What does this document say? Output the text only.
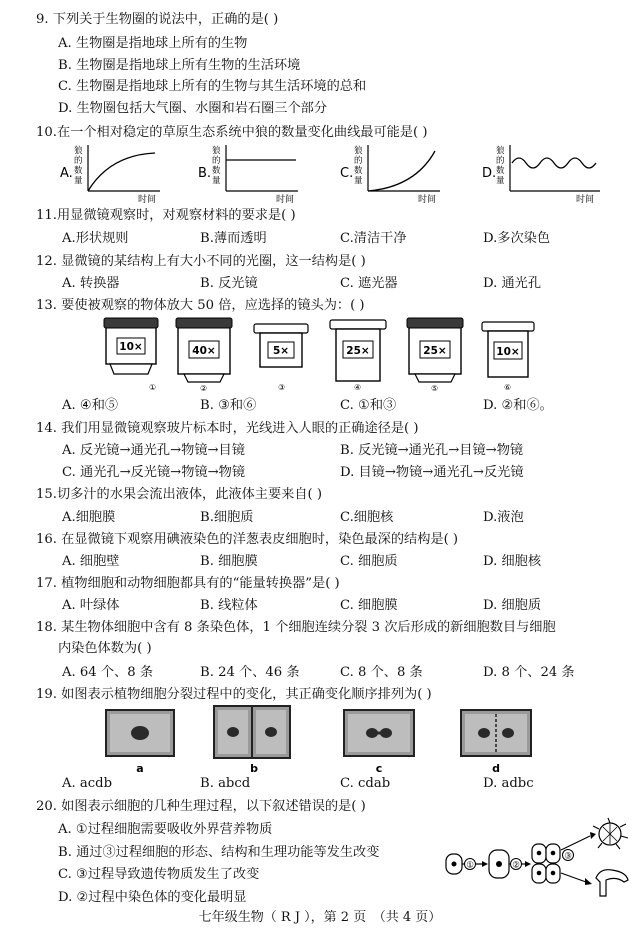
9. 下列关于生物圈的说法中，正确的是( )
A. 生物圈是指地球上所有的生物
B. 生物圈是指地球上所有生物的生活环境
C. 生物圈是指地球上所有的生物与其生活环境的总和
D. 生物圈包括大气圈、水圈和岩石圈三个部分
10.在一个相对稳定的草原生态系统中狼的数量变化曲线最可能是( )
A.
狼
的
数
量
时间
B.
狼
的
数
量
时间
C.
狼
的
数
量
时间
D.
狼
的
数
量
时间
11.用显微镜观察时，对观察材料的要求是( )
A.形状规则	B.薄而透明	C.清洁干净	D.多次染色
12. 显微镜的某结构上有大小不同的光圈，这一结构是( )
A. 转换器	B. 反光镜	C. 遮光器	D. 通光孔
13. 要使被观察的物体放大 50 倍，应选择的镜头为：( )
10×
①
40×
②
5×
③
25×
④
25×
⑤
10×
⑥
A. ④和⑤	B. ③和⑥	C. ①和③	D. ②和⑥。
14. 我们用显微镜观察玻片标本时，光线进入人眼的正确途径是( )
A. 反光镜→通光孔→物镜→目镜	B. 反光镜→通光孔→目镜→物镜
C. 通光孔→反光镜→物镜→物镜	D. 目镜→物镜→通光孔→反光镜
15.切多汁的水果会流出液体，此液体主要来自( )
A.细胞膜	B.细胞质	C.细胞核	D.液泡
16. 在显微镜下观察用碘液染色的洋葱表皮细胞时，染色最深的结构是( )
A. 细胞壁	B. 细胞膜	C. 细胞质	D. 细胞核
17. 植物细胞和动物细胞都具有的“能量转换器”是( )
A. 叶绿体	B. 线粒体	C. 细胞膜	D. 细胞质
18. 某生物体细胞中含有 8 条染色体，1 个细胞连续分裂 3 次后形成的新细胞数目与细胞
内染色体数为( )
A. 64 个、8 条	B. 24 个、46 条	C. 8 个、8 条	D. 8 个、24 条
19. 如图表示植物细胞分裂过程中的变化，其正确变化顺序排列为( )
a	b	c	d
A. acdb	B. abcd	C. cdab	D. adbc
20. 如图表示细胞的几种生理过程，以下叙述错误的是( )
A. ①过程细胞需要吸收外界营养物质
B. 通过③过程细胞的形态、结构和生理功能等发生改变
C. ③过程导致遗传物质发生了改变
D. ②过程中染色体的变化最明显
①	②
③
七年级生物（ R J ），第 2 页　（共 4 页）
